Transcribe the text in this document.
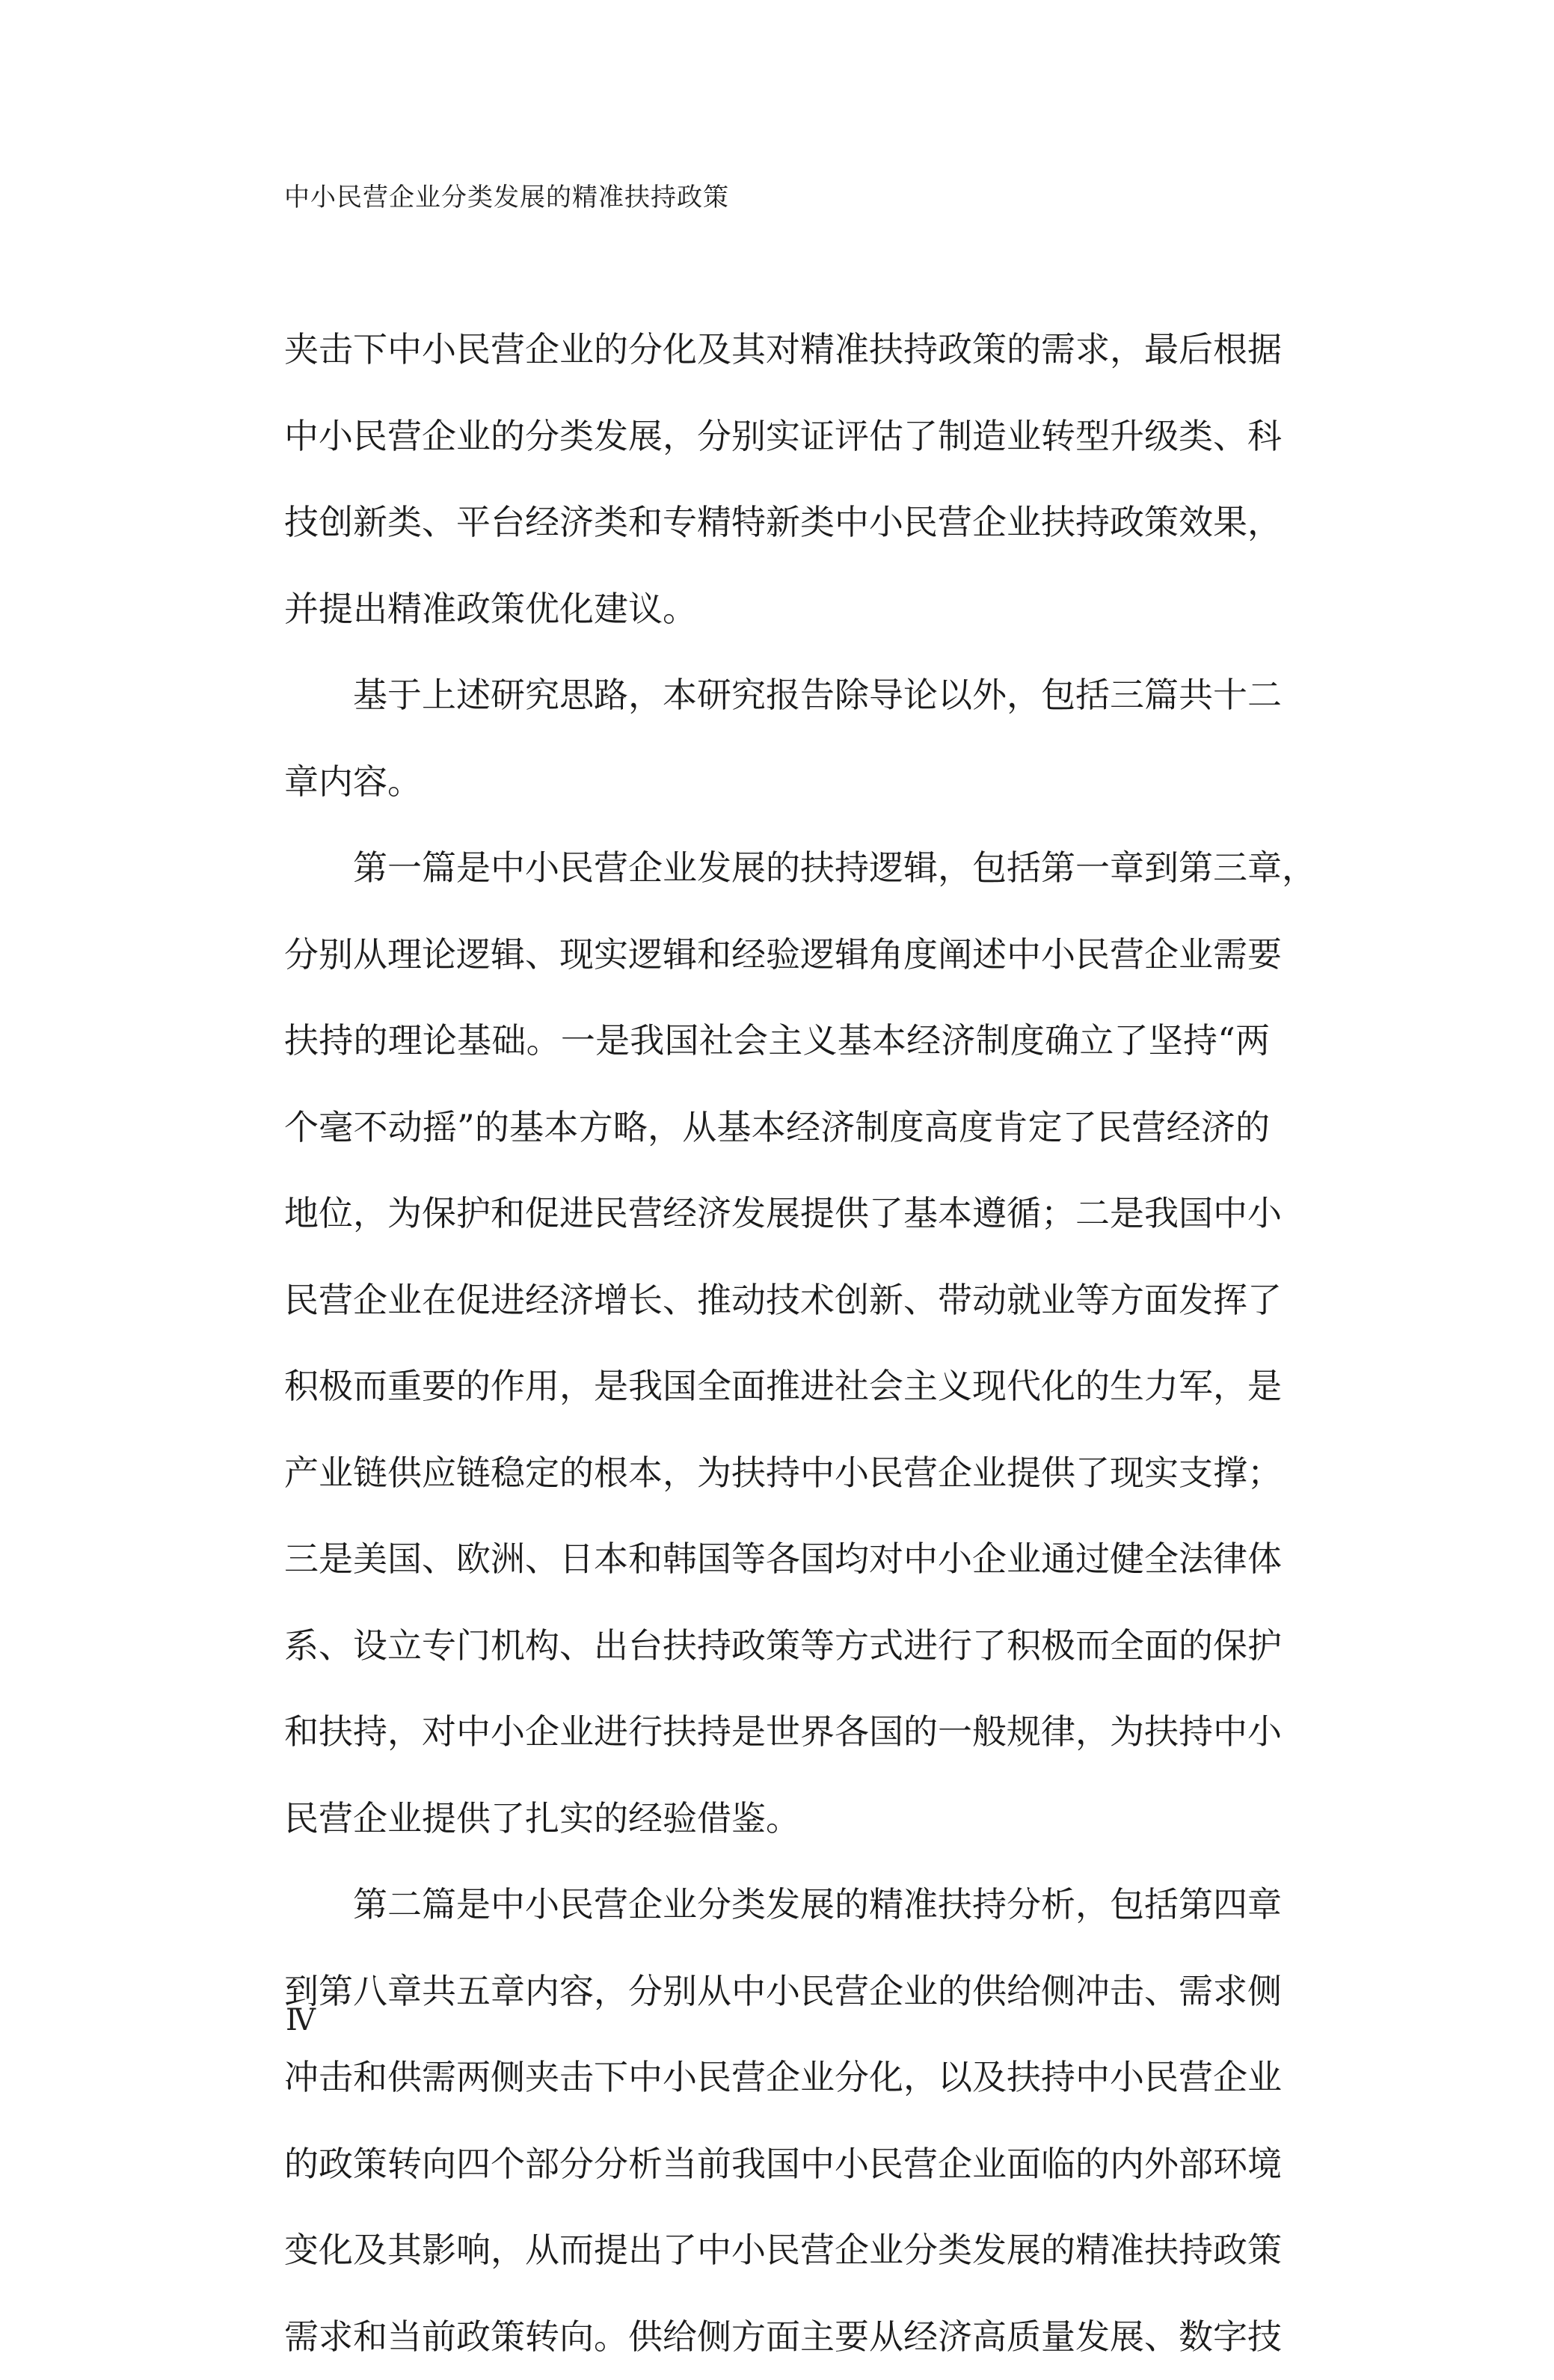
中小民营企业分类发展的精准扶持政策
夹击下中小民营企业的分化及其对精准扶持政策的需求，最后根据
中小民营企业的分类发展，分别实证评估了制造业转型升级类、科
技创新类、平台经济类和专精特新类中小民营企业扶持政策效果，
并提出精准政策优化建议。
基于上述研究思路，本研究报告除导论以外，包括三篇共十二
章内容。
第一篇是中小民营企业发展的扶持逻辑，包括第一章到第三章，
分别从理论逻辑、现实逻辑和经验逻辑角度阐述中小民营企业需要
扶持的理论基础。一是我国社会主义基本经济制度确立了坚持“两
个毫不动摇”的基本方略，从基本经济制度高度肯定了民营经济的
地位，为保护和促进民营经济发展提供了基本遵循；二是我国中小
民营企业在促进经济增长、推动技术创新、带动就业等方面发挥了
积极而重要的作用，是我国全面推进社会主义现代化的生力军，是
产业链供应链稳定的根本，为扶持中小民营企业提供了现实支撑；
三是美国、欧洲、日本和韩国等各国均对中小企业通过健全法律体
系、设立专门机构、出台扶持政策等方式进行了积极而全面的保护
和扶持，对中小企业进行扶持是世界各国的一般规律，为扶持中小
民营企业提供了扎实的经验借鉴。
第二篇是中小民营企业分类发展的精准扶持分析，包括第四章
到第八章共五章内容，分别从中小民营企业的供给侧冲击、需求侧
冲击和供需两侧夹击下中小民营企业分化，以及扶持中小民营企业
的政策转向四个部分分析当前我国中小民营企业面临的内外部环境
变化及其影响，从而提出了中小民营企业分类发展的精准扶持政策
需求和当前政策转向。供给侧方面主要从经济高质量发展、数字技
Ⅳ
